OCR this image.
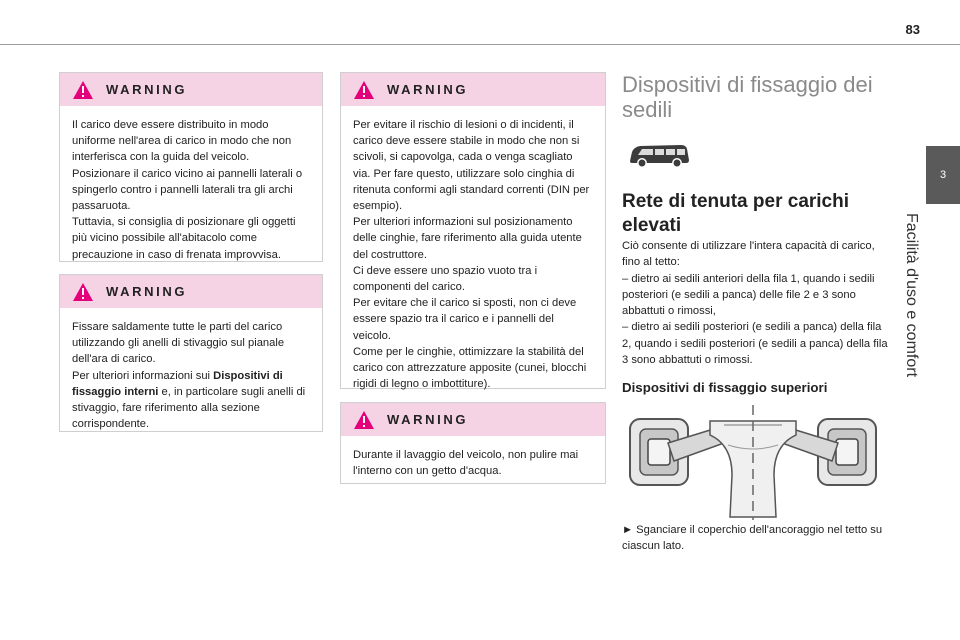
83
3
Facilità d'uso e comfort
WARNING

Il carico deve essere distribuito in modo uniforme nell'area di carico in modo che non interferisca con la guida del veicolo.

Posizionare il carico vicino ai pannelli laterali o spingerlo contro i pannelli laterali tra gli archi passaruota.

Tuttavia, si consiglia di posizionare gli oggetti più vicino possibile all'abitacolo come precauzione in caso di frenata improvvisa.

WARNING

Fissare saldamente tutte le parti del carico utilizzando gli anelli di stivaggio sul pianale dell'ara di carico.

Per ulteriori informazioni sui Dispositivi di fissaggio interni e, in particolare sugli anelli di stivaggio, fare riferimento alla sezione corrispondente.

WARNING

Per evitare il rischio di lesioni o di incidenti, il carico deve essere stabile in modo che non si scivoli, si capovolga, cada o venga scagliato via. Per fare questo, utilizzare solo cinghia di ritenuta conformi agli standard correnti (DIN per esempio).

Per ulteriori informazioni sul posizionamento delle cinghie, fare riferimento alla guida utente del costruttore.

Ci deve essere uno spazio vuoto tra i componenti del carico.

Per evitare che il carico si sposti, non ci deve essere spazio tra il carico e i pannelli del veicolo.

Come per le cinghie, ottimizzare la stabilità del carico con attrezzature apposite (cunei, blocchi rigidi di legno o imbottiture).

WARNING

Durante il lavaggio del veicolo, non pulire mai l'interno con un getto d'acqua.

Dispositivi di fissaggio dei sedili
Rete di tenuta per carichi elevati

Ciò consente di utilizzare l'intera capacità di carico, fino al tetto:

– dietro ai sedili anteriori della fila 1, quando i sedili posteriori (e sedili a panca) delle file 2 e 3 sono abbattuti o rimossi,

– dietro ai sedili posteriori (e sedili a panca) della fila 2, quando i sedili posteriori (e sedili a panca) della fila 3 sono abbattuti o rimossi.

Dispositivi di fissaggio superiori
► Sganciare il coperchio dell'ancoraggio nel tetto su ciascun lato.
